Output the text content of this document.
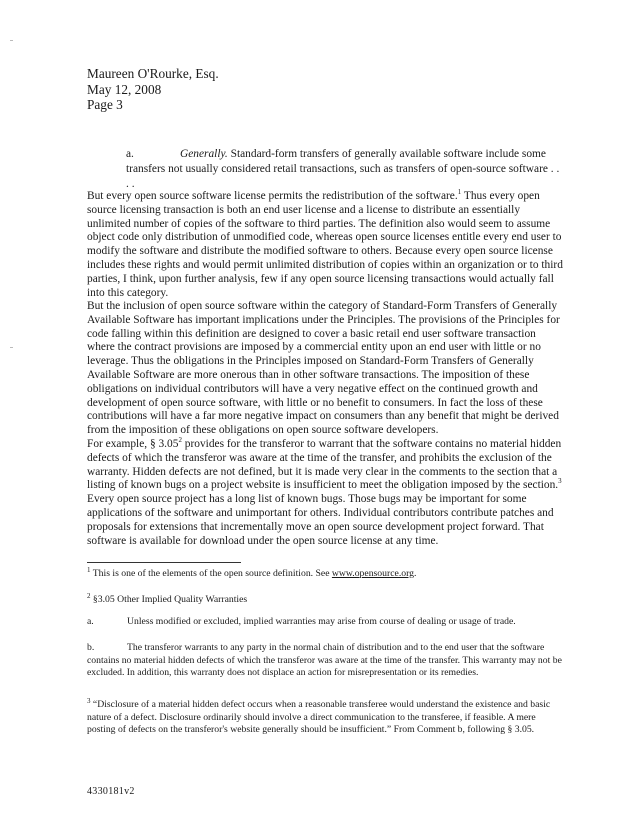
Maureen O'Rourke, Esq.
May 12, 2008
Page 3
a.	Generally. Standard-form transfers of generally available software include some transfers not usually considered retail transactions, such as transfers of open-source software . . . .
But every open source software license permits the redistribution of the software.$^1$ Thus every open source licensing transaction is both an end user license and a license to distribute an essentially unlimited number of copies of the software to third parties. The definition also would seem to assume object code only distribution of unmodified code, whereas open source licenses entitle every end user to modify the software and distribute the modified software to others. Because every open source license includes these rights and would permit unlimited distribution of copies within an organization or to third parties, I think, upon further analysis, few if any open source licensing transactions would actually fall into this category.
But the inclusion of open source software within the category of Standard-Form Transfers of Generally Available Software has important implications under the Principles. The provisions of the Principles for code falling within this definition are designed to cover a basic retail end user software transaction where the contract provisions are imposed by a commercial entity upon an end user with little or no leverage. Thus the obligations in the Principles imposed on Standard-Form Transfers of Generally Available Software are more onerous than in other software transactions. The imposition of these obligations on individual contributors will have a very negative effect on the continued growth and development of open source software, with little or no benefit to consumers. In fact the loss of these contributions will have a far more negative impact on consumers than any benefit that might be derived from the imposition of these obligations on open source software developers.
For example, § 3.05$^2$ provides for the transferor to warrant that the software contains no material hidden defects of which the transferor was aware at the time of the transfer, and prohibits the exclusion of the warranty. Hidden defects are not defined, but it is made very clear in the comments to the section that a listing of known bugs on a project website is insufficient to meet the obligation imposed by the section.$^3$ Every open source project has a long list of known bugs. Those bugs may be important for some applications of the software and unimportant for others. Individual contributors contribute patches and proposals for extensions that incrementally move an open source development project forward. That software is available for download under the open source license at any time.
$^1$ This is one of the elements of the open source definition. See www.opensource.org.
$^2$ §3.05 Other Implied Quality Warranties
a.	Unless modified or excluded, implied warranties may arise from course of dealing or usage of trade.
b.	The transferor warrants to any party in the normal chain of distribution and to the end user that the software contains no material hidden defects of which the transferor was aware at the time of the transfer. This warranty may not be excluded. In addition, this warranty does not displace an action for misrepresentation or its remedies.
$^3$ “Disclosure of a material hidden defect occurs when a reasonable transferee would understand the existence and basic nature of a defect. Disclosure ordinarily should involve a direct communication to the transferee, if feasible. A mere posting of defects on the transferor's website generally should be insufficient.” From Comment b, following § 3.05.
4330181v2
